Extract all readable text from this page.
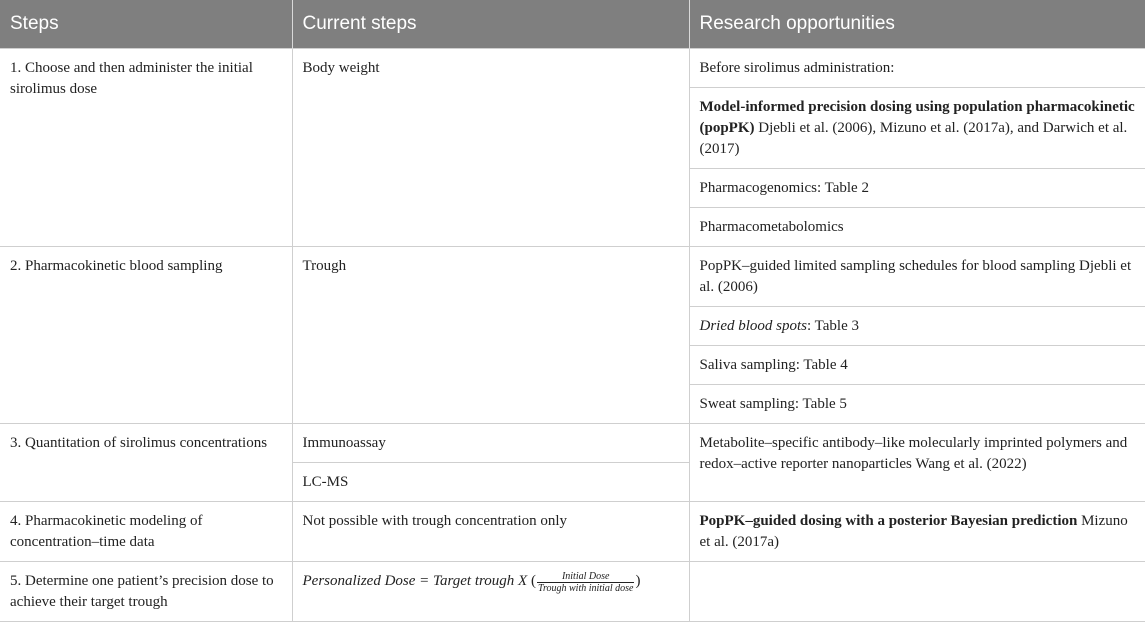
Steps	Current steps	Research opportunities
1. Choose and then administer the initial sirolimus dose	Body weight	Before sirolimus administration:
		Model-informed precision dosing using population pharmacokinetic (popPK) Djebli et al. (2006), Mizuno et al. (2017a), and Darwich et al. (2017)
		Pharmacogenomics: Table 2
		Pharmacometabolomics
2. Pharmacokinetic blood sampling	Trough	PopPK–guided limited sampling schedules for blood sampling Djebli et al. (2006)
		Dried blood spots: Table 3
		Saliva sampling: Table 4
		Sweat sampling: Table 5
3. Quantitation of sirolimus concentrations	Immunoassay	Metabolite–specific antibody–like molecularly imprinted polymers and redox–active reporter nanoparticles Wang et al. (2022)
	LC-MS	
4. Pharmacokinetic modeling of concentration–time data	Not possible with trough concentration only	PopPK–guided dosing with a posterior Bayesian prediction Mizuno et al. (2017a)
5. Determine one patient’s precision dose to achieve their target trough	Personalized Dose = Target trough X ( $\frac{\text{Initial Dose}}{\text{Trough with initial dose}}$ )	
